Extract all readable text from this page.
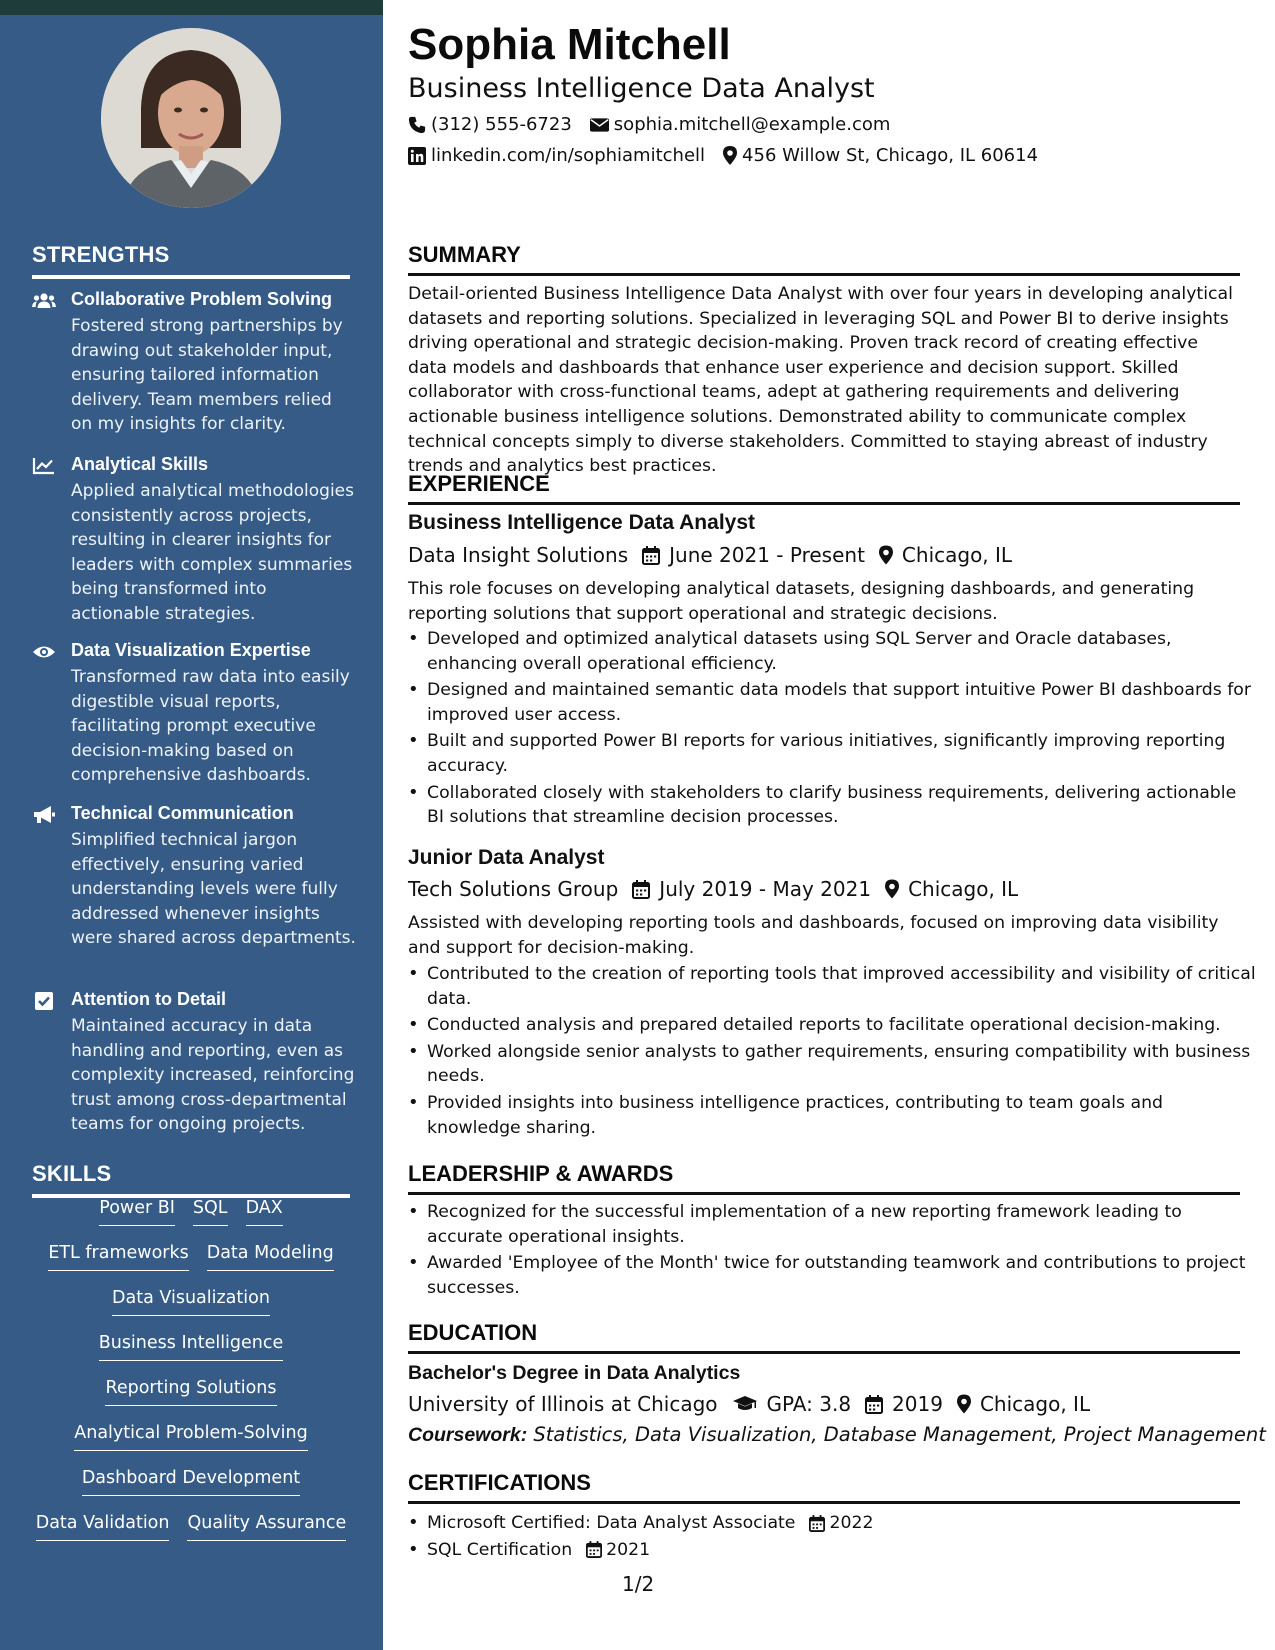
STRENGTHS
Collaborative Problem Solving
Fostered strong partnerships by drawing out stakeholder input, ensuring tailored information delivery. Team members relied on my insights for clarity.
Analytical Skills
Applied analytical methodologies consistently across projects, resulting in clearer insights for leaders with complex summaries being transformed into actionable strategies.
Data Visualization Expertise
Transformed raw data into easily digestible visual reports, facilitating prompt executive decision-making based on comprehensive dashboards.
Technical Communication
Simplified technical jargon effectively, ensuring varied understanding levels were fully addressed whenever insights were shared across departments.
Attention to Detail
Maintained accuracy in data handling and reporting, even as complexity increased, reinforcing trust among cross-departmental teams for ongoing projects.
SKILLS
Power BI SQL DAX
ETL frameworks Data Modeling
Data Visualization
Business Intelligence
Reporting Solutions
Analytical Problem-Solving
Dashboard Development
Data Validation Quality Assurance
Sophia Mitchell
Business Intelligence Data Analyst
(312) 555-6723 sophia.mitchell@example.com
linkedin.com/in/sophiamitchell 456 Willow St, Chicago, IL 60614
SUMMARY
Detail-oriented Business Intelligence Data Analyst with over four years in developing analytical datasets and reporting solutions. Specialized in leveraging SQL and Power BI to derive insights driving operational and strategic decision-making. Proven track record of creating effective data models and dashboards that enhance user experience and decision support. Skilled collaborator with cross-functional teams, adept at gathering requirements and delivering actionable business intelligence solutions. Demonstrated ability to communicate complex technical concepts simply to diverse stakeholders. Committed to staying abreast of industry trends and analytics best practices.
EXPERIENCE
Business Intelligence Data Analyst
Data Insight Solutions June 2021 - Present Chicago, IL
This role focuses on developing analytical datasets, designing dashboards, and generating reporting solutions that support operational and strategic decisions.
• Developed and optimized analytical datasets using SQL Server and Oracle databases, enhancing overall operational efficiency.
• Designed and maintained semantic data models that support intuitive Power BI dashboards for improved user access.
• Built and supported Power BI reports for various initiatives, significantly improving reporting accuracy.
• Collaborated closely with stakeholders to clarify business requirements, delivering actionable BI solutions that streamline decision processes.
Junior Data Analyst
Tech Solutions Group July 2019 - May 2021 Chicago, IL
Assisted with developing reporting tools and dashboards, focused on improving data visibility and support for decision-making.
• Contributed to the creation of reporting tools that improved accessibility and visibility of critical data.
• Conducted analysis and prepared detailed reports to facilitate operational decision-making.
• Worked alongside senior analysts to gather requirements, ensuring compatibility with business needs.
• Provided insights into business intelligence practices, contributing to team goals and knowledge sharing.
LEADERSHIP & AWARDS
• Recognized for the successful implementation of a new reporting framework leading to accurate operational insights.
• Awarded 'Employee of the Month' twice for outstanding teamwork and contributions to project successes.
EDUCATION
Bachelor's Degree in Data Analytics
University of Illinois at Chicago GPA: 3.8 2019 Chicago, IL
Coursework: Statistics, Data Visualization, Database Management, Project Management
CERTIFICATIONS
• Microsoft Certified: Data Analyst Associate 2022
• SQL Certification 2021
1/2
